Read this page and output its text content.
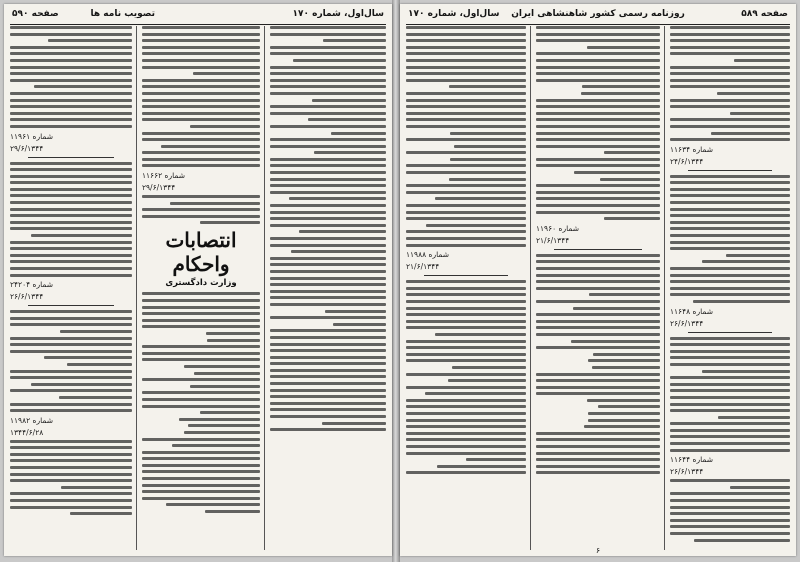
صفحه ۵۹۰	تصویب نامه ها	سال‌اول، شماره ۱۷۰
شماره ۱۱۶۶۲
۲۹/۶/۱۳۴۴
انتصابات واحکام
وزارت دادگستری
شماره ۱۱۹۶۱
۲۹/۶/۱۳۴۴
شماره ۲۴۲۰۴
۲۶/۶/۱۳۴۴
شماره ۱۱۹۸۲
۱۳۴۴/۶/۲۸
صفحه ۵۸۹
روزنامه رسمی کشور شاهنشاهی ایران
سال‌اول، شماره ۱۷۰
شماره ۱۱۶۳۴
۲۴/۶/۱۳۴۴
شماره ۱۱۶۴۸
۲۶/۶/۱۳۴۴
شماره ۱۱۶۴۴
۲۶/۶/۱۳۴۴
شماره ۱۱۹۶۰
۲۱/۶/۱۳۴۴
شماره ۱۱۹۸۸
۲۱/۶/۱۳۴۴
۶
